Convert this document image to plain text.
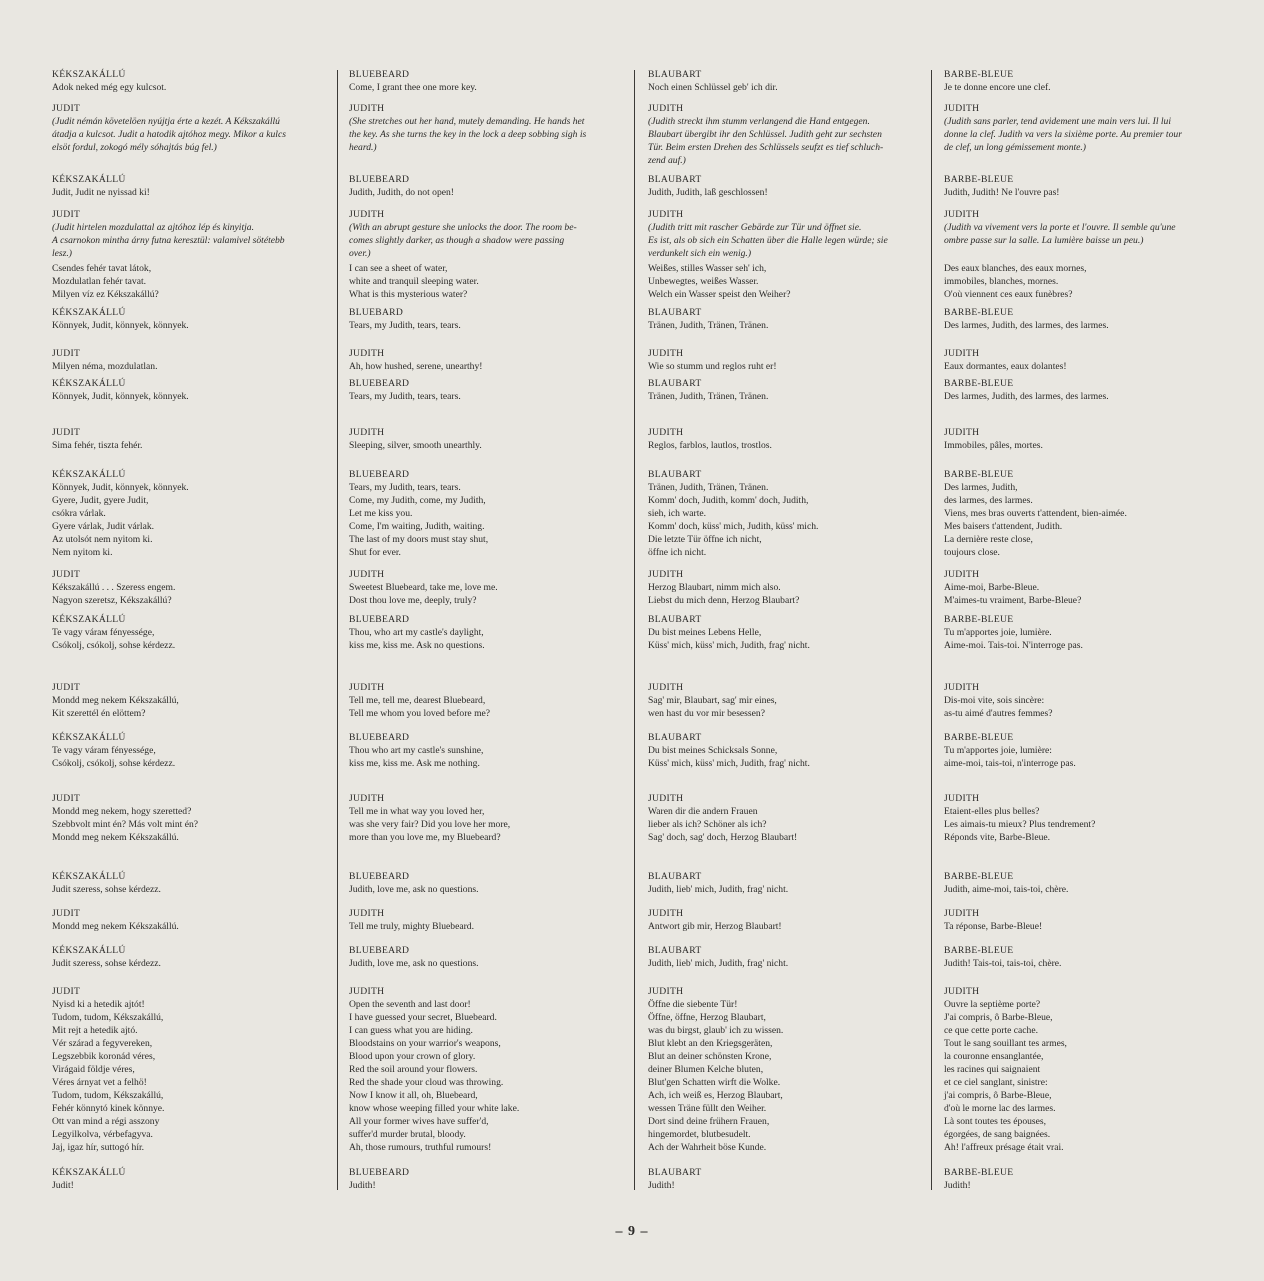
KÉKSZAKÁLLÚ
Adok neked még egy kulcsot.
JUDIT
(Judit némán követelöen nyújtja érte a kezét. A Kékszakállú
átadja a kulcsot. Judit a hatodik ajtóhoz megy. Mikor a kulcs
elsöt fordul, zokogó mély sóhajtás búg fel.)
KÉKSZAKÁLLÚ
Judit, Judit ne nyissad ki!
JUDIT
(Judit hirtelen mozdulattal az ajtóhoz lép és kinyitja.
A csarnokon mintha árny futna keresztül: valamivel sötétebb
lesz.)
Csendes fehér tavat látok,
Mozdulatlan fehér tavat.
Milyen víz ez Kékszakállú?
KÉKSZAKÁLLÚ
Könnyek, Judit, könnyek, könnyek.
JUDIT
Milyen néma, mozdulatlan.
KÉKSZAKÁLLÚ
Könnyek, Judit, könnyek, könnyek.
JUDIT
Sima fehér, tiszta fehér.
KÉKSZAKÁLLÚ
Könnyek, Judit, könnyek, könnyek.
Gyere, Judit, gyere Judit,
csókra várlak.
Gyere várlak, Judit várlak.
Az utolsót nem nyitom ki.
Nem nyitom ki.
JUDIT
Kékszakállú . . . Szeress engem.
Nagyon szeretsz, Kékszakállú?
KÉKSZAKÁLLÚ
Te vagy várам fényessége,
Csókolj, csókolj, sohse kérdezz.
JUDIT
Mondd meg nekem Kékszakállú,
Kit szerettél én elöttem?
KÉKSZAKÁLLÚ
Te vagy váram fényessége,
Csókolj, csókolj, sohse kérdezz.
JUDIT
Mondd meg nekem, hogy szeretted?
Szebbvolt mint én? Más volt mint én?
Mondd meg nekem Kékszakállú.
KÉKSZAKÁLLÚ
Judit szeress, sohse kérdezz.
JUDIT
Mondd meg nekem Kékszakállú.
KÉKSZAKÁLLÚ
Judit szeress, sohse kérdezz.
JUDIT
Nyisd ki a hetedik ajtót!
Tudom, tudom, Kékszakállú,
Mit rejt a hetedik ajtó.
Vér szárad a fegyvereken,
Legszebbik koronád véres,
Virágaid földje véres,
Véres árnyat vet a felhö!
Tudom, tudom, Kékszakállú,
Fehér könnytó kinek könnye.
Ott van mind a régi asszony
Legyilkolva, vérbefagyva.
Jaj, igaz hír, suttogó hír.
KÉKSZAKÁLLÚ
Judit!
BLUEBEARD
Come, I grant thee one more key.
JUDITH
(She stretches out her hand, mutely demanding. He hands het
the key. As she turns the key in the lock a deep sobbing sigh is
heard.)
BLUEBEARD
Judith, Judith, do not open!
JUDITH
(With an abrupt gesture she unlocks the door. The room be-
comes slightly darker, as though a shadow were passing
over.)
I can see a sheet of water,
white and tranquil sleeping water.
What is this mysterious water?
BLUEBARD
Tears, my Judith, tears, tears.
JUDITH
Ah, how hushed, serene, unearthy!
BLUEBEARD
Tears, my Judith, tears, tears.
JUDITH
Sleeping, silver, smooth unearthly.
BLUEBEARD
Tears, my Judith, tears, tears.
Come, my Judith, come, my Judith,
Let me kiss you.
Come, I'm waiting, Judith, waiting.
The last of my doors must stay shut,
Shut for ever.
JUDITH
Sweetest Bluebeard, take me, love me.
Dost thou love me, deeply, truly?
BLUEBEARD
Thou, who art my castle's daylight,
kiss me, kiss me. Ask no questions.
JUDITH
Tell me, tell me, dearest Bluebeard,
Tell me whom you loved before me?
BLUEBEARD
Thou who art my castle's sunshine,
kiss me, kiss me. Ask me nothing.
JUDITH
Tell me in what way you loved her,
was she very fair? Did you love her more,
more than you love me, my Bluebeard?
BLUEBEARD
Judith, love me, ask no questions.
JUDITH
Tell me truly, mighty Bluebeard.
BLUEBEARD
Judith, love me, ask no questions.
JUDITH
Open the seventh and last door!
I have guessed your secret, Bluebeard.
I can guess what you are hiding.
Bloodstains on your warrior's weapons,
Blood upon your crown of glory.
Red the soil around your flowers.
Red the shade your cloud was throwing.
Now I know it all, oh, Bluebeard,
know whose weeping filled your white lake.
All your former wives have suffer'd,
suffer'd murder brutal, bloody.
Ah, those rumours, truthful rumours!
BLUEBEARD
Judith!
BLAUBART
Noch einen Schlüssel geb' ich dir.
JUDITH
(Judith streckt ihm stumm verlangend die Hand entgegen.
Blaubart übergibt ihr den Schlüssel. Judith geht zur sechsten
Tür. Beim ersten Drehen des Schlüssels seufzt es tief schluch-
zend auf.)
BLAUBART
Judith, Judith, laß geschlossen!
JUDITH
(Judith tritt mit rascher Gebärde zur Tür und öffnet sie.
Es ist, als ob sich ein Schatten über die Halle legen würde; sie
verdunkelt sich ein wenig.)
Weißes, stilles Wasser seh' ich,
Unbewegtes, weißes Wasser.
Welch ein Wasser speist den Weiher?
BLAUBART
Tränen, Judith, Tränen, Tränen.
JUDITH
Wie so stumm und reglos ruht er!
BLAUBART
Tränen, Judith, Tränen, Tränen.
JUDITH
Reglos, farblos, lautlos, trostlos.
BLAUBART
Tränen, Judith, Tränen, Tränen.
Komm' doch, Judith, komm' doch, Judith,
sieh, ich warte.
Komm' doch, küss' mich, Judith, küss' mich.
Die letzte Tür öffne ich nicht,
öffne ich nicht.
JUDITH
Herzog Blaubart, nimm mich also.
Liebst du mich denn, Herzog Blaubart?
BLAUBART
Du bist meines Lebens Helle,
Küss' mich, küss' mich, Judith, frag' nicht.
JUDITH
Sag' mir, Blaubart, sag' mir eines,
wen hast du vor mir besessen?
BLAUBART
Du bist meines Schicksals Sonne,
Küss' mich, küss' mich, Judith, frag' nicht.
JUDITH
Waren dir die andern Frauen
lieber als ich? Schöner als ich?
Sag' doch, sag' doch, Herzog Blaubart!
BLAUBART
Judith, lieb' mich, Judith, frag' nicht.
JUDITH
Antwort gib mir, Herzog Blaubart!
BLAUBART
Judith, lieb' mich, Judith, frag' nicht.
JUDITH
Öffne die siebente Tür!
Öffne, öffne, Herzog Blaubart,
was du birgst, glaub' ich zu wissen.
Blut klebt an den Kriegsgeräten,
Blut an deiner schönsten Krone,
deiner Blumen Kelche bluten,
Blut'gen Schatten wirft die Wolke.
Ach, ich weiß es, Herzog Blaubart,
wessen Träne füllt den Weiher.
Dort sind deine frühern Frauen,
hingemordet, blutbesudelt.
Ach der Wahrheit böse Kunde.
BLAUBART
Judith!
BARBE-BLEUE
Je te donne encore une clef.
JUDITH
(Judith sans parler, tend avidement une main vers lui. Il lui
donne la clef. Judith va vers la sixième porte. Au premier tour
de clef, un long gémissement monte.)
BARBE-BLEUE
Judith, Judith! Ne l'ouvre pas!
JUDITH
(Judith va vivement vers la porte et l'ouvre. Il semble qu'une
ombre passe sur la salle. La lumière baisse un peu.)
Des eaux blanches, des eaux mornes,
immobiles, blanches, mornes.
O'où viennent ces eaux funèbres?
BARBE-BLEUE
Des larmes, Judith, des larmes, des larmes.
JUDITH
Eaux dormantes, eaux dolantes!
BARBE-BLEUE
Des larmes, Judith, des larmes, des larmes.
JUDITH
Immobiles, pâles, mortes.
BARBE-BLEUE
Des larmes, Judith,
des larmes, des larmes.
Viens, mes bras ouverts t'attendent, bien-aimée.
Mes baisers t'attendent, Judith.
La dernière reste close,
toujours close.
JUDITH
Aime-moi, Barbe-Bleue.
M'aimes-tu vraiment, Barbe-Bleue?
BARBE-BLEUE
Tu m'apportes joie, lumière.
Aime-moi. Tais-toi. N'interroge pas.
JUDITH
Dis-moi vite, sois sincère:
as-tu aimé d'autres femmes?
BARBE-BLEUE
Tu m'apportes joie, lumière:
aime-moi, tais-toi, n'interroge pas.
JUDITH
Etaient-elles plus belles?
Les aimais-tu mieux? Plus tendrement?
Réponds vite, Barbe-Bleue.
BARBE-BLEUE
Judith, aime-moi, tais-toi, chère.
JUDITH
Ta réponse, Barbe-Bleue!
BARBE-BLEUE
Judith! Tais-toi, tais-toi, chère.
JUDITH
Ouvre la septième porte?
J'ai compris, ô Barbe-Bleue,
ce que cette porte cache.
Tout le sang souillant tes armes,
la couronne ensanglantée,
les racines qui saignaient
et ce ciel sanglant, sinistre:
j'ai compris, ô Barbe-Bleue,
d'où le morne lac des larmes.
Là sont toutes tes épouses,
égorgées, de sang baignées.
Ah! l'affreux présage était vrai.
BARBE-BLEUE
Judith!
– 9 –
